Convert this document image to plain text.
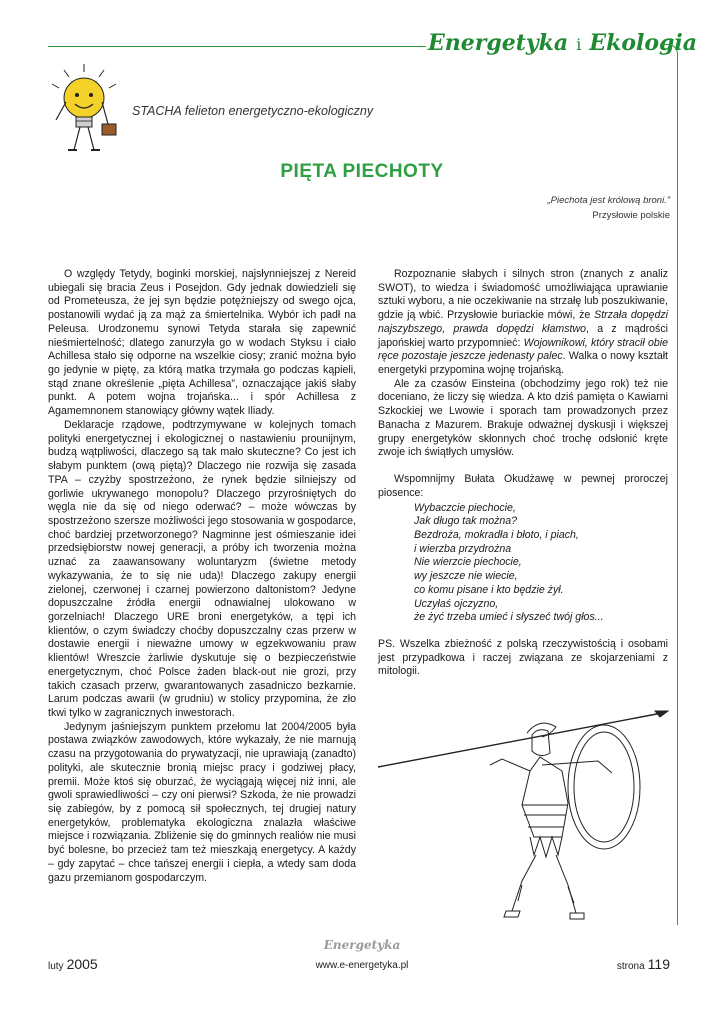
Energetyka i Ekologia
STACHA felieton energetyczno-ekologiczny
PIĘTA PIECHOTY
„Piechota jest królową broni.”
Przysłowie polskie

O względy Tetydy, boginki morskiej, najsłynniejszej z Nereid ubiegali się bracia Zeus i Posejdon. Gdy jednak dowiedzieli się od Prometeusza, że jej syn będzie potężniejszy od swego ojca, postanowili wydać ją za mąż za śmiertelnika. Wybór ich padł na Peleusa. Urodzonemu synowi Tetyda starała się zapewnić nieśmiertelność; dlatego zanurzyła go w wodach Styksu i ciało Achillesa stało się odporne na wszelkie ciosy; zranić można było go jedynie w piętę, za którą matka trzymała go podczas kąpieli, stąd znane określenie „pięta Achillesa”, oznaczające jakiś słaby punkt. A potem wojna trojańska... i spór Achillesa z Agamemnonem stanowiący główny wątek Iliady.

Deklaracje rządowe, podtrzymywane w kolejnych tomach polityki energetycznej i ekologicznej o nastawieniu prounijnym, budzą wątpliwości, dlaczego są tak mało skuteczne? Co jest ich słabym punktem (ową piętą)? Dlaczego nie rozwija się zasada TPA – czyżby spostrzeżono, że rynek będzie silniejszy od gorliwie ukrywanego monopolu? Dlaczego przyrośniętych do węgla nie da się od niego oderwać? – może wówczas by spostrzeżono szersze możliwości jego stosowania w gospodarce, choć bardziej przetworzonego? Nagminne jest ośmieszanie idei przedsiębiorstw nowej generacji, a próby ich tworzenia można uznać za zaawansowany woluntaryzm (świetne metody wykazywania, że to się nie uda)! Dlaczego zakupy energii zielonej, czerwonej i czarnej powierzono daltonistom? Jedyne dopuszczalne źródła energii odnawialnej ulokowano w gorzelniach! Dlaczego URE broni energetyków, a tępi ich klientów, o czym świadczy choćby dopuszczalny czas przerw w dostawie energii i nieważne umowy w egzekwowaniu praw klientów! Wreszcie żarliwie dyskutuje się o bezpieczeństwie energetycznym, choć Polsce żaden black-out nie grozi, przy takich czasach przerw, gwarantowanych zasadniczo bezkarnie. Larum podczas awarii (w grudniu) w stolicy przypomina, że zło tkwi tylko w zagranicznych inwestorach.

Jedynym jaśniejszym punktem przełomu lat 2004/2005 była postawa związków zawodowych, które wykazały, że nie marnują czasu na przygotowania do prywatyzacji, nie uprawiają (zanadto) polityki, ale skutecznie bronią miejsc pracy i godziwej płacy, premii. Może ktoś się oburzać, że wyciągają więcej niż inni, ale gwoli sprawiedliwości – czy oni pierwsi? Szkoda, że nie prowadzi się zabiegów, by z pomocą sił społecznych, tej drugiej natury energetyków, problematyka ekologiczna znalazła właściwe miejsce i rozwiązania. Zbliżenie się do gminnych realiów nie musi być bolesne, bo przecież tam też mieszkają energetycy. A każdy – gdy zapytać – chce tańszej energii i ciepła, a wtedy sam doda gazu przemianom gospodarczym.

Rozpoznanie słabych i silnych stron (znanych z analiz SWOT), to wiedza i świadomość umożliwiająca uprawianie sztuki wyboru, a nie oczekiwanie na strzałę lub poszukiwanie, gdzie ją wbić. Przysłowie buriackie mówi, że Strzała dopędzi najszybszego, prawda dopędzi kłamstwo, a z mądrości japońskiej warto przypomnieć: Wojownikowi, który stracił obie ręce pozostaje jeszcze jedenasty palec. Walka o nowy kształt energetyki przypomina wojnę trojańską.

Ale za czasów Einsteina (obchodzimy jego rok) też nie doceniano, że liczy się wiedza. A kto dziś pamięta o Kawiarni Szkockiej we Lwowie i sporach tam prowadzonych przez Banacha z Mazurem. Brakuje odważnej dyskusji i większej grupy energetyków skłonnych choć trochę odsłonić kręte zwoje ich świątłych umysłów.

Wspomnijmy Bułata Okudżawę w pewnej proroczej piosence:

Wybaczcie piechocie,
Jak długo tak można?
Bezdroża, mokradła i błoto, i piach,
i wierzba przydrożna
Nie wierzcie piechocie,
wy jeszcze nie wiecie,
co komu pisane i kto będzie żył.
Uczyłaś ojczyzno,
że żyć trzeba umieć i słyszeć twój głos...

PS. Wszelka zbieżność z polską rzeczywistością i osobami jest przypadkowa i raczej związana ze skojarzeniami z mitologii.

Energetyka
luty 2005	www.e-energetyka.pl	strona 119
